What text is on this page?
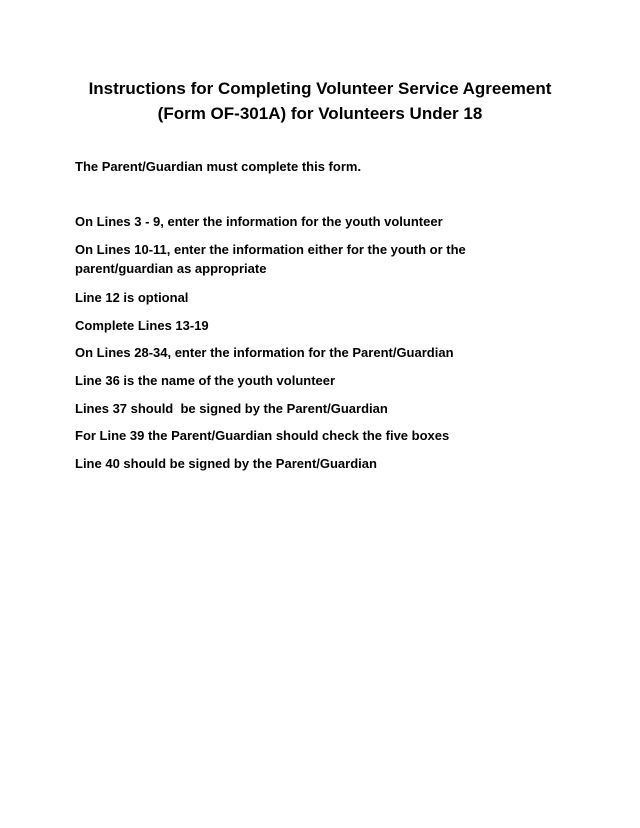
Instructions for Completing Volunteer Service Agreement
(Form OF-301A) for Volunteers Under 18
The Parent/Guardian must complete this form.
On Lines 3 - 9, enter the information for the youth volunteer
On Lines 10-11, enter the information either for the youth or the parent/guardian as appropriate
Line 12 is optional
Complete Lines 13-19
On Lines 28-34, enter the information for the Parent/Guardian
Line 36 is the name of the youth volunteer
Lines 37 should  be signed by the Parent/Guardian
For Line 39 the Parent/Guardian should check the five boxes
Line 40 should be signed by the Parent/Guardian
